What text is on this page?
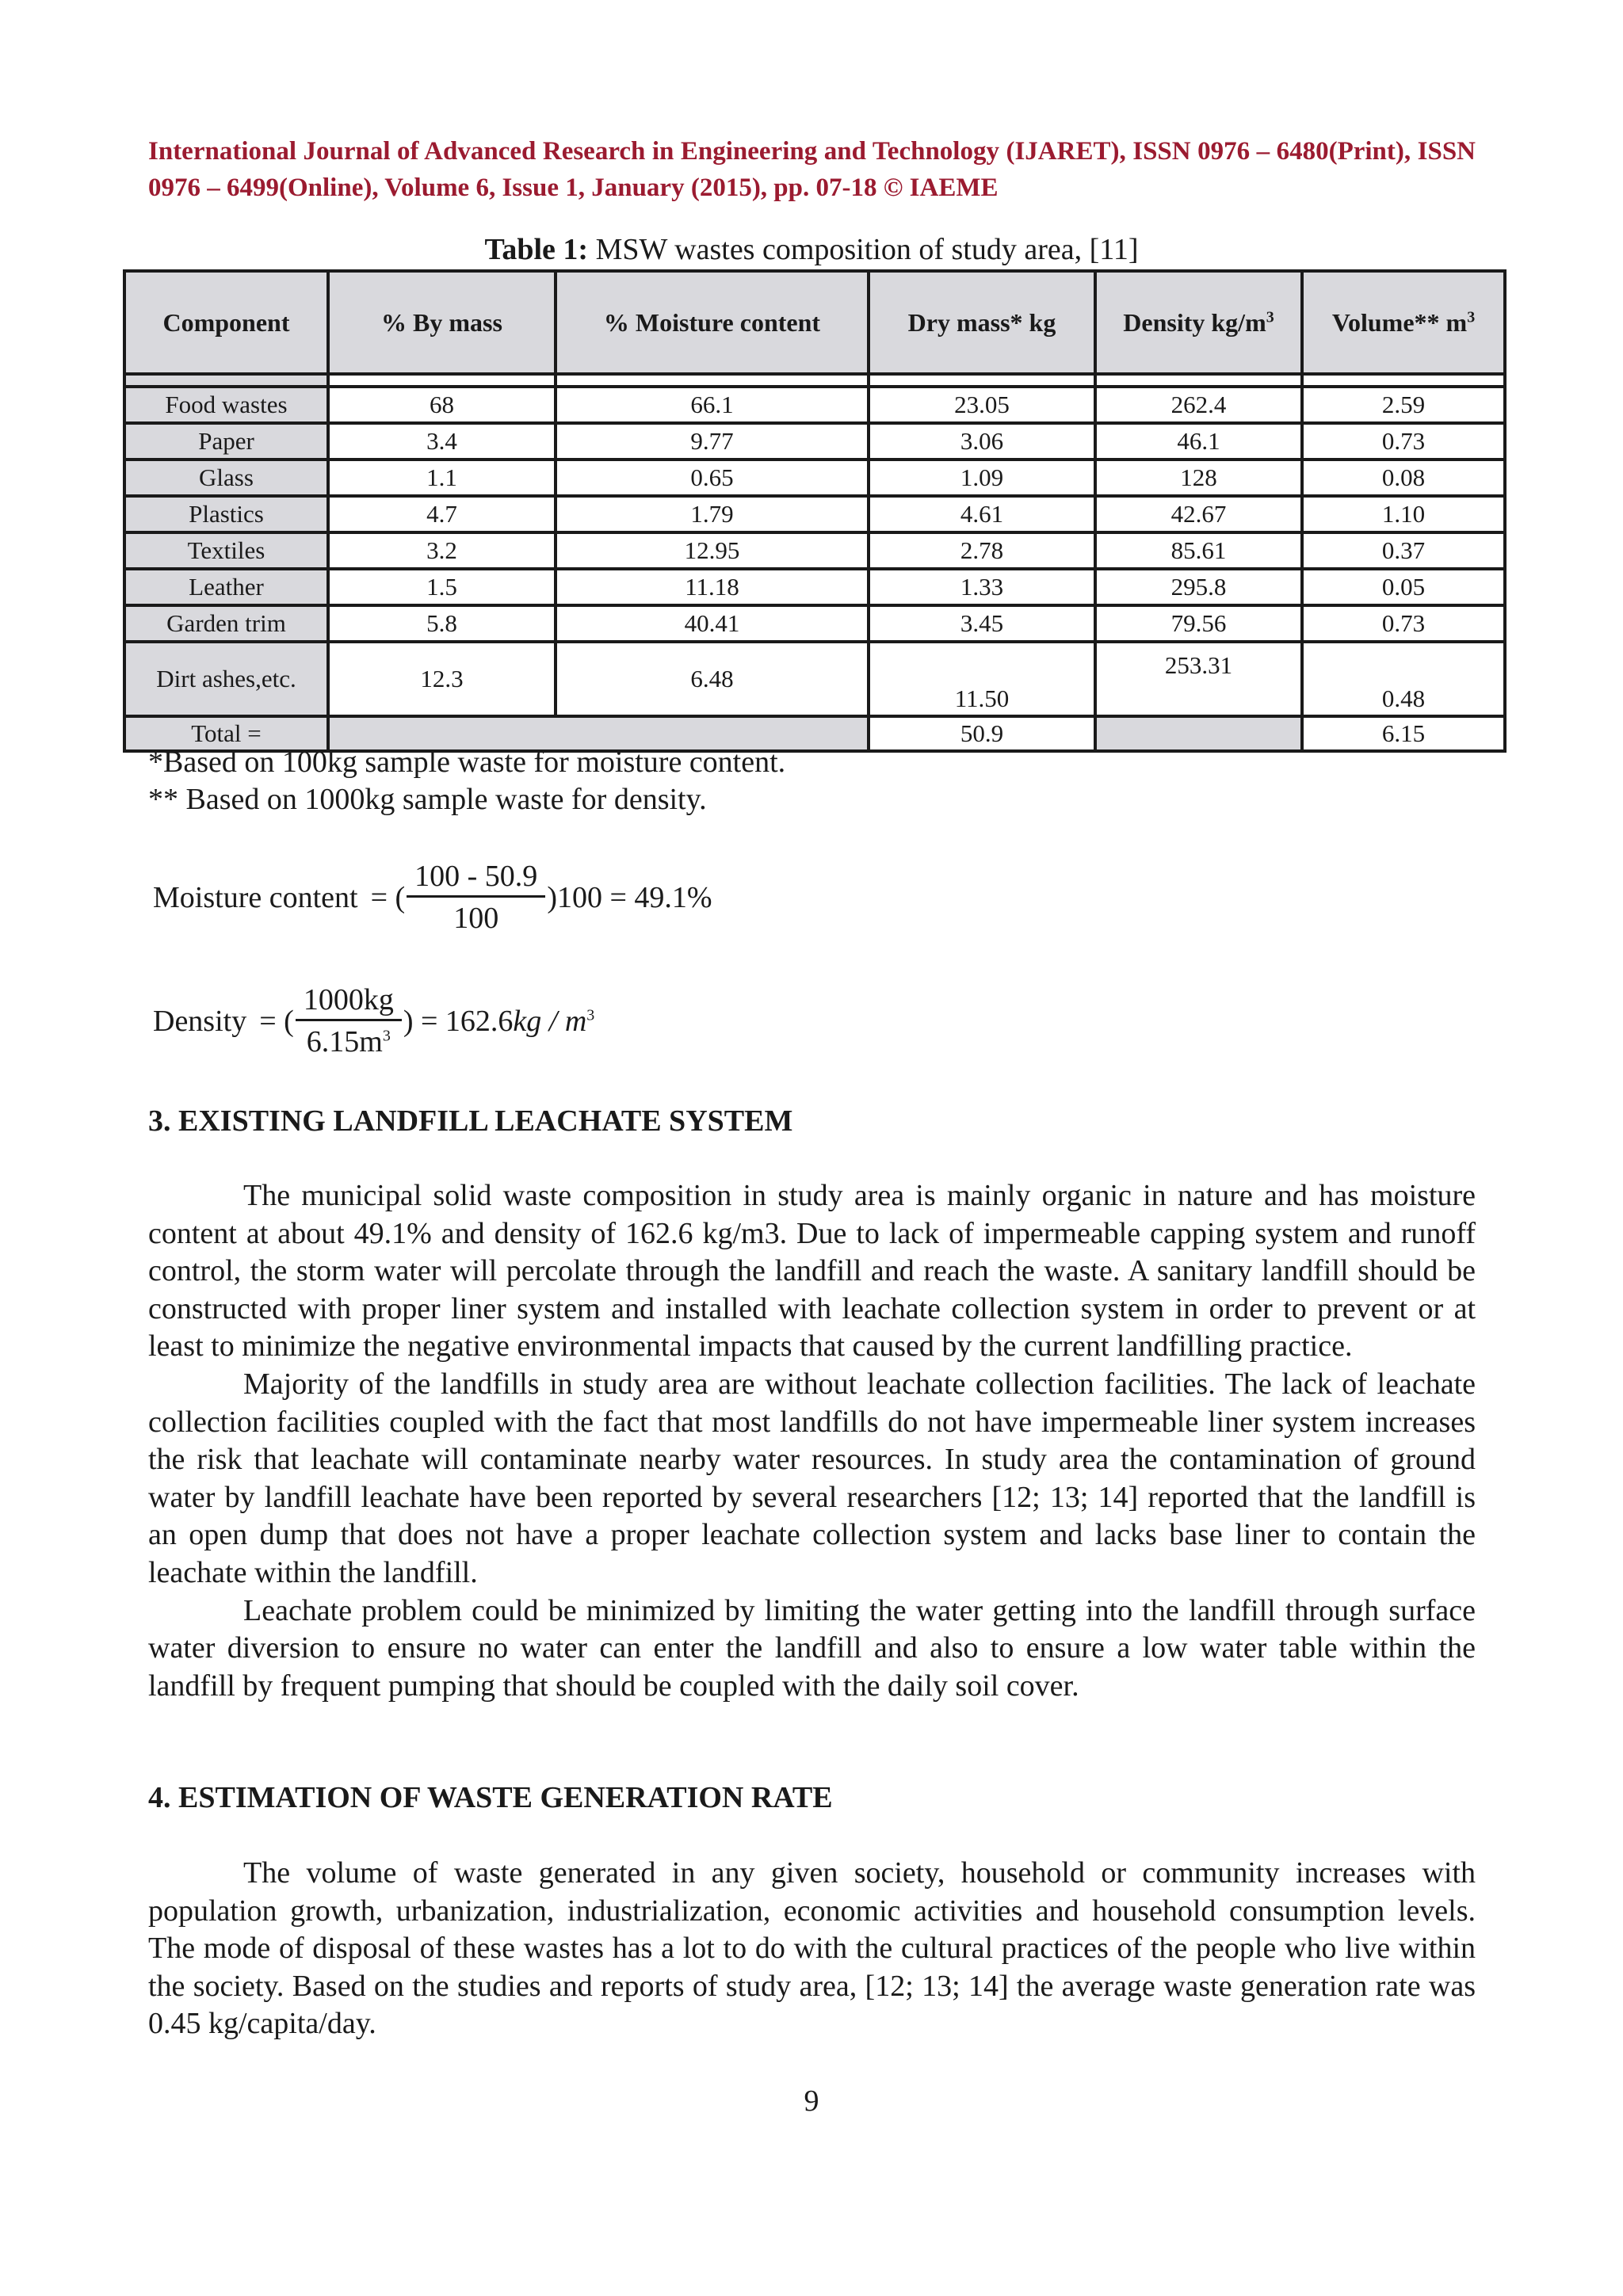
International Journal of Advanced Research in Engineering and Technology (IJARET), ISSN 0976 – 6480(Print), ISSN 0976 – 6499(Online), Volume 6, Issue 1, January (2015), pp. 07-18 © IAEME
Table 1: MSW wastes composition of study area, [11]
Component	% By mass	% Moisture content	Dry mass* kg	Density $kg/m^3$	Volume** $m^3$

Food wastes	68	66.1	23.05	262.4	2.59
Paper	3.4	9.77	3.06	46.1	0.73
Glass	1.1	0.65	1.09	128	0.08
Plastics	4.7	1.79	4.61	42.67	1.10
Textiles	3.2	12.95	2.78	85.61	0.37
Leather	1.5	11.18	1.33	295.8	0.05
Garden trim	5.8	40.41	3.45	79.56	0.73
Dirt ashes,etc.	12.3	6.48	11.50	253.31	0.48
Total =			50.9		6.15
*Based on 100kg sample waste for moisture content.
** Based on 1000kg sample waste for density.
Moisture content = ( $\frac{100 - 50.9}{100} )100 = 49.1\%$
Density = ( $\frac{1000kg}{6.15m^3}$ ) = $162.6kg / m^3$
3. EXISTING LANDFILL LEACHATE SYSTEM

The municipal solid waste composition in study area is mainly organic in nature and has moisture content at about 49.1% and density of 162.6 kg/m3. Due to lack of impermeable capping system and runoff control, the storm water will percolate through the landfill and reach the waste. A sanitary landfill should be constructed with proper liner system and installed with leachate collection system in order to prevent or at least to minimize the negative environmental impacts that caused by the current landfilling practice.

Majority of the landfills in study area are without leachate collection facilities. The lack of leachate collection facilities coupled with the fact that most landfills do not have impermeable liner system increases the risk that leachate will contaminate nearby water resources. In study area the contamination of ground water by landfill leachate have been reported by several researchers [12; 13; 14] reported that the landfill is an open dump that does not have a proper leachate collection system and lacks base liner to contain the leachate within the landfill.

Leachate problem could be minimized by limiting the water getting into the landfill through surface water diversion to ensure no water can enter the landfill and also to ensure a low water table within the landfill by frequent pumping that should be coupled with the daily soil cover.

4. ESTIMATION OF WASTE GENERATION RATE

The volume of waste generated in any given society, household or community increases with population growth, urbanization, industrialization, economic activities and household consumption levels. The mode of disposal of these wastes has a lot to do with the cultural practices of the people who live within the society. Based on the studies and reports of study area, [12; 13; 14] the average waste generation rate was 0.45 kg/capita/day.

9
